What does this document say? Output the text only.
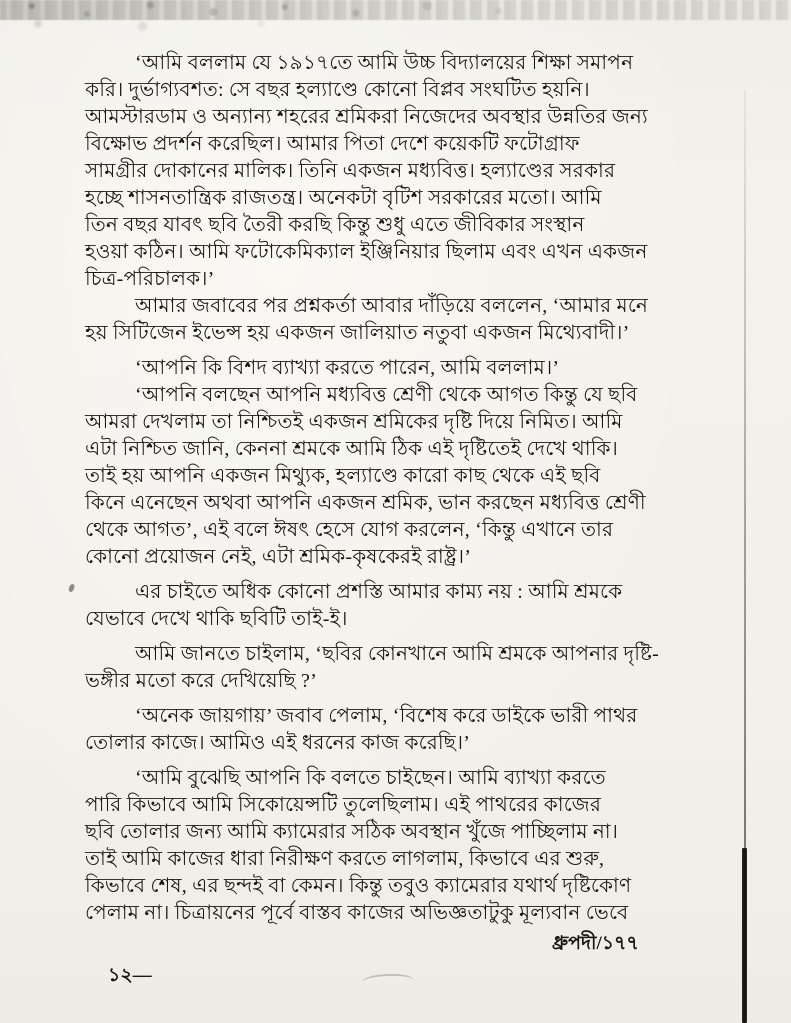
‘আমি বললাম যে ১৯১৭তে আমি উচ্চ বিদ্যালয়ের শিক্ষা সমাপন
করি। দুর্ভাগ্যবশত: সে বছর হল্যাণ্ডে কোনো বিপ্লব সংঘটিত হয়নি।
আমস্টারডাম ও অন্যান্য শহরের শ্রমিকরা নিজেদের অবস্থার উন্নতির জন্য
বিক্ষোভ প্রদর্শন করেছিল। আমার পিতা দেশে কয়েকটি ফটোগ্রাফ
সামগ্রীর দোকানের মালিক। তিনি একজন মধ্যবিত্ত। হল্যাণ্ডের সরকার
হচ্ছে শাসনতান্ত্রিক রাজতন্ত্র। অনেকটা বৃটিশ সরকারের মতো। আমি
তিন বছর যাবৎ ছবি তৈরী করছি কিন্তু শুধু এতে জীবিকার সংস্থান
হওয়া কঠিন। আমি ফটোকেমিক্যাল ইঞ্জিনিয়ার ছিলাম এবং এখন একজন
চিত্র-পরিচালক।’
আমার জবাবের পর প্রশ্নকর্তা আবার দাঁড়িয়ে বললেন, ‘আমার মনে
হয় সিটিজেন ইভেন্স হয় একজন জালিয়াত নতুবা একজন মিথ্যেবাদী।’
‘আপনি কি বিশদ ব্যাখ্যা করতে পারেন, আমি বললাম।’
‘আপনি বলছেন আপনি মধ্যবিত্ত শ্রেণী থেকে আগত কিন্তু যে ছবি
আমরা দেখলাম তা নিশ্চিতই একজন শ্রমিকের দৃষ্টি দিয়ে নিমিত। আমি
এটা নিশ্চিত জানি, কেননা শ্রমকে আমি ঠিক এই দৃষ্টিতেই দেখে থাকি।
তাই হয় আপনি একজন মিথ্যুক, হল্যাণ্ডে কারো কাছ থেকে এই ছবি
কিনে এনেছেন অথবা আপনি একজন শ্রমিক, ভান করছেন মধ্যবিত্ত শ্রেণী
থেকে আগত’, এই বলে ঈষৎ হেসে যোগ করলেন, ‘কিন্তু এখানে তার
কোনো প্রয়োজন নেই, এটা শ্রমিক-কৃষকেরই রাষ্ট্র।’
এর চাইতে অধিক কোনো প্রশস্তি আমার কাম্য নয় : আমি শ্রমকে
যেভাবে দেখে থাকি ছবিটি তাই-ই।
আমি জানতে চাইলাম, ‘ছবির কোনখানে আমি শ্রমকে আপনার দৃষ্টি-
ভঙ্গীর মতো করে দেখিয়েছি ?’
‘অনেক জায়গায়’ জবাব পেলাম, ‘বিশেষ করে ডাইকে ভারী পাথর
তোলার কাজে। আমিও এই ধরনের কাজ করেছি।’
‘আমি বুঝেছি আপনি কি বলতে চাইছেন। আমি ব্যাখ্যা করতে
পারি কিভাবে আমি সিকোয়েন্সটি তুলেছিলাম। এই পাথরের কাজের
ছবি তোলার জন্য আমি ক্যামেরার সঠিক অবস্থান খুঁজে পাচ্ছিলাম না।
তাই আমি কাজের ধারা নিরীক্ষণ করতে লাগলাম, কিভাবে এর শুরু,
কিভাবে শেষ, এর ছন্দই বা কেমন। কিন্তু তবুও ক্যামেরার যথার্থ দৃষ্টিকোণ
পেলাম না। চিত্রায়নের পূর্বে বাস্তব কাজের অভিজ্ঞতাটুকু মূল্যবান ভেবে
ধ্রুপদী/১৭৭
১২—
